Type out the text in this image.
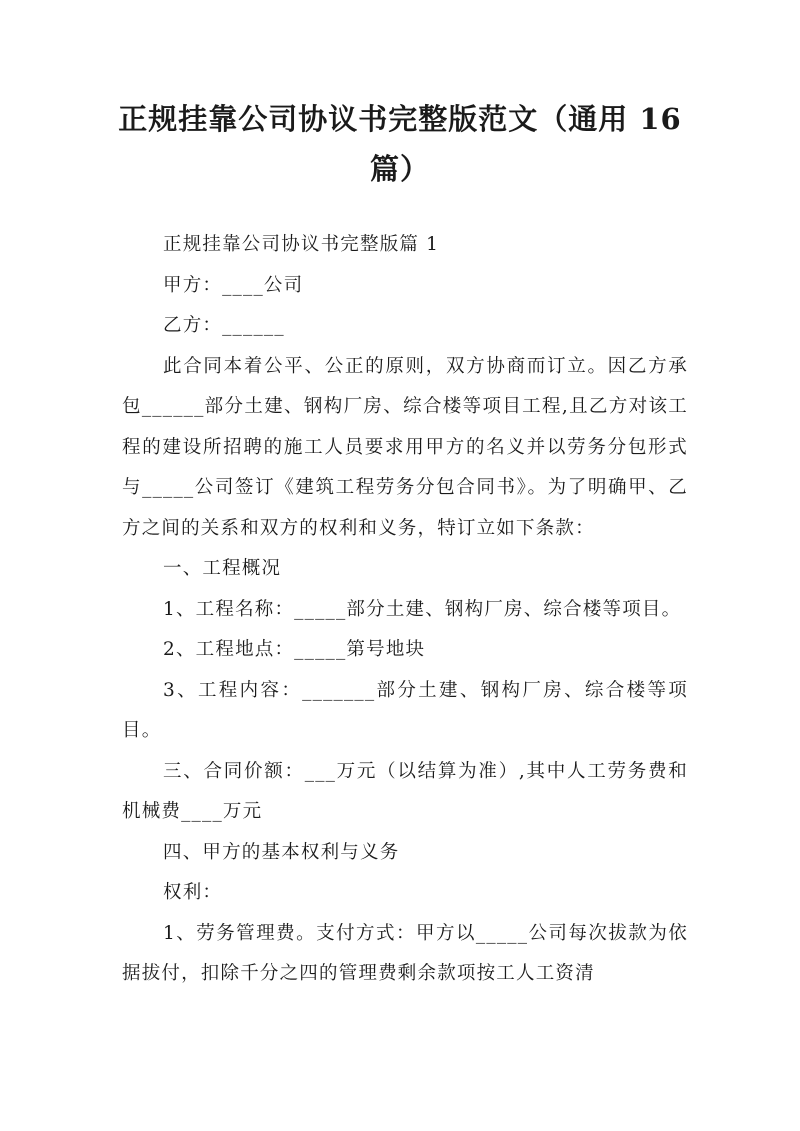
正规挂靠公司协议书完整版范文（通用 16 篇）

正规挂靠公司协议书完整版篇 1

甲方：____公司

乙方：______

此合同本着公平、公正的原则，双方协商而订立。因乙方承包______部分土建、钢构厂房、综合楼等项目工程,且乙方对该工程的建设所招聘的施工人员要求用甲方的名义并以劳务分包形式与_____公司签订《建筑工程劳务分包合同书》。为了明确甲、乙方之间的关系和双方的权利和义务，特订立如下条款：

一、工程概况

1、工程名称：_____部分土建、钢构厂房、综合楼等项目。

2、工程地点：_____第号地块

3、工程内容：_______部分土建、钢构厂房、综合楼等项目。

三、合同价额：___万元（以结算为准）,其中人工劳务费和机械费____万元

四、甲方的基本权利与义务

权利：

1、劳务管理费。支付方式：甲方以_____公司每次拔款为依据拔付，扣除千分之四的管理费剩余款项按工人工资清
